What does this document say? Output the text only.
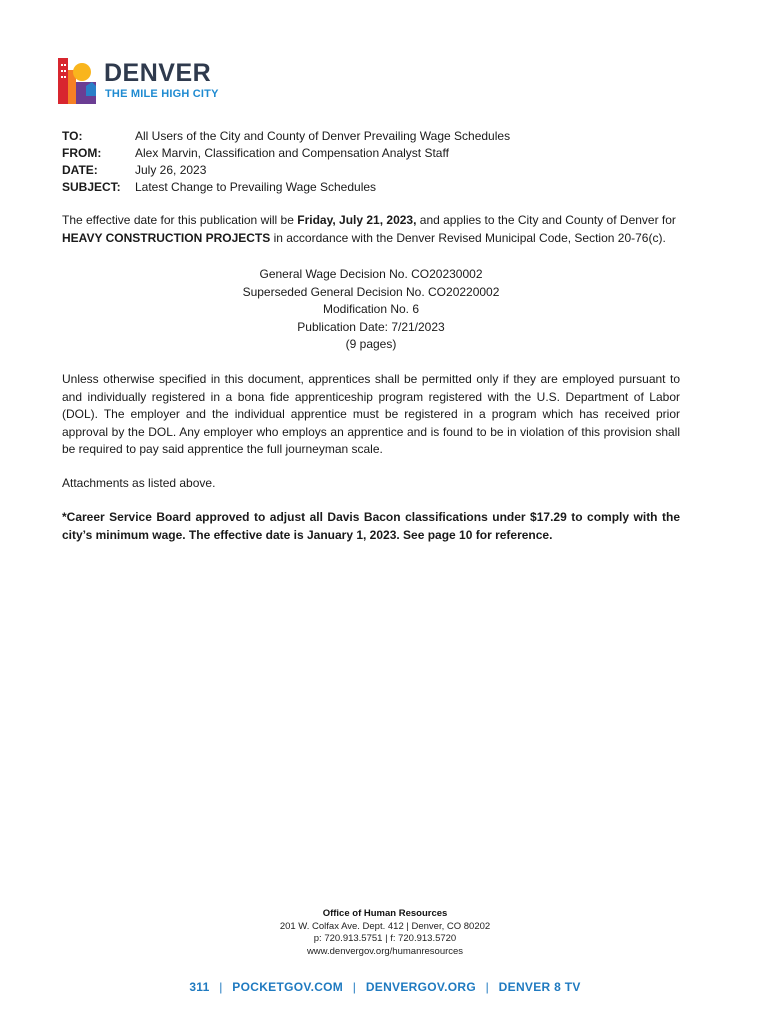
DENVER
THE MILE HIGH CITY
TO:	All Users of the City and County of Denver Prevailing Wage Schedules
FROM:	Alex Marvin, Classification and Compensation Analyst Staff
DATE:	July 26, 2023
SUBJECT:	Latest Change to Prevailing Wage Schedules
The effective date for this publication will be Friday, July 21, 2023, and applies to the City and County of Denver for HEAVY CONSTRUCTION PROJECTS in accordance with the Denver Revised Municipal Code, Section 20-76(c).
General Wage Decision No. CO20230002
Superseded General Decision No. CO20220002
Modification No. 6
Publication Date: 7/21/2023
(9 pages)
Unless otherwise specified in this document, apprentices shall be permitted only if they are employed pursuant to and individually registered in a bona fide apprenticeship program registered with the U.S. Department of Labor (DOL). The employer and the individual apprentice must be registered in a program which has received prior approval by the DOL. Any employer who employs an apprentice and is found to be in violation of this provision shall be required to pay said apprentice the full journeyman scale.
Attachments as listed above.
*Career Service Board approved to adjust all Davis Bacon classifications under $17.29 to comply with the city’s minimum wage. The effective date is January 1, 2023. See page 10 for reference.
Office of Human Resources
201 W. Colfax Ave. Dept. 412 | Denver, CO 80202
p: 720.913.5751 | f: 720.913.5720
www.denvergov.org/humanresources
311 | POCKETGOV.COM | DENVERGOV.ORG | DENVER 8 TV
